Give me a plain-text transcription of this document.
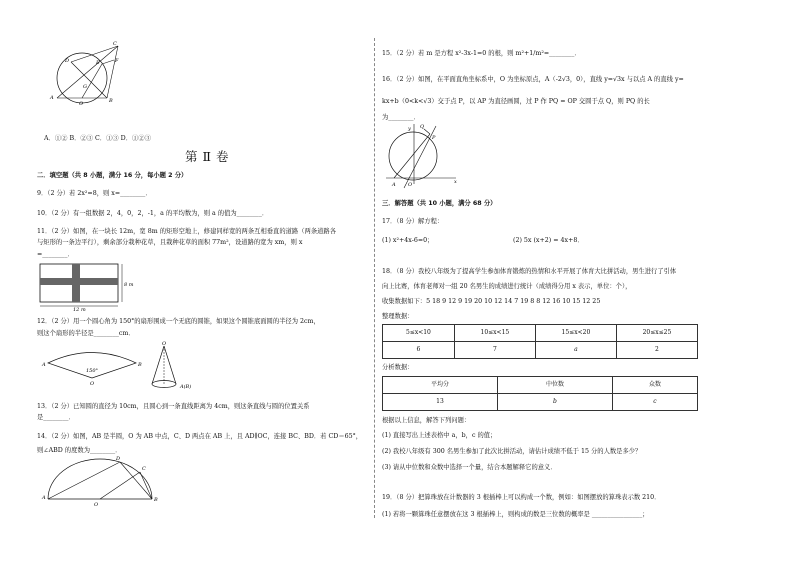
C
F
D	E
G
A	B
O
A．①② B．②③ C．①③ D．①②③
第Ⅱ卷
二．填空题（共 8 小题，满分 16 分，每小题 2 分）
9．（2 分）若 2x²=8，则 x=________．
10．（2 分）有一组数据 2，4，0，2，-1，a 的平均数为，则 a 的值为________．
11．（2 分）如图，在一块长 12m，宽 8m 的矩形空地上，修建同样宽的两条互相垂直的道路（两条道路各
与矩形的一条边平行），剩余部分栽种花草，且栽种花草的面积 77m²，设道路的宽为 xm，则 x
=________．
8 m
12 m
12．（2 分）用一个圆心角为 150°的扇形围成一个无底的圆锥，如果这个圆锥底面圆的半径为 2cm，
则这个扇形的半径是________cm．
150°
A	B
O
O
A(B)
13．（2 分）已知圆的直径为 10cm，且圆心到一条直线距离为 4cm，则这条直线与圆的位置关系
是________．
14．（2 分）如图，AB 是半圆，O 为 AB 中点，C、D 两点在 AB 上，且 AD∥OC，连接 BC、BD．若 CD＝65°，
则∠ABD 的度数为________．
A	B
C
D
O
15．（2 分）若 m 是方程 x²-3x-1=0 的根，则 m²+1/m²=________．
16．（2 分）如图，在平面直角坐标系中，O 为坐标原点，A（-2√3，0），直线 y=√3x 与以点 A 的直线 y=
kx+b（0<k<√3）交于点 P，以 AP 为直径画圆，过 P 作 PQ = OP 交圆于点 Q，则 PQ 的长
为________．
y
x
O
A
P
Q
三．解答题（共 10 小题，满分 68 分）
17．（8 分）解方程：
(1) x²+4x-6=0；	(2) 5x (x+2) = 4x+8．
18．（8 分）我校八年级为了提高学生参加体育锻炼的热情和水平开展了体育大比拼活动，男生进行了引体
向上比赛，体育老师对一组 20 名男生的成绩进行统计（成绩得分用 x 表示，单位：个），
收集数据如下：5 18 9 12 9 19 20 10 12 14 7 19 8 8 12 16 10 15 12 25
整理数据：
5≤x<10	10≤x<15	15≤x<20	20≤x≤25
6	7	a	2
分析数据：
平均分	中位数	众数
13	b	c
根据以上信息，解答下列问题：
(1) 直接写出上述表格中 a，b，c 的值；
(2) 我校八年级有 300 名男生参加了此次比拼活动，请估计成绩不低于 15 分的人数是多少？
(3) 请从中位数和众数中选择一个量，结合本题解释它的意义．
19．（8 分）把算珠放在计数器的 3 根插棒上可以构成一个数，例如：如图摆放的算珠表示数 210．
(1) 若将一颗算珠任意摆放在这 3 根插棒上，则构成的数是三位数的概率是 ________________；
